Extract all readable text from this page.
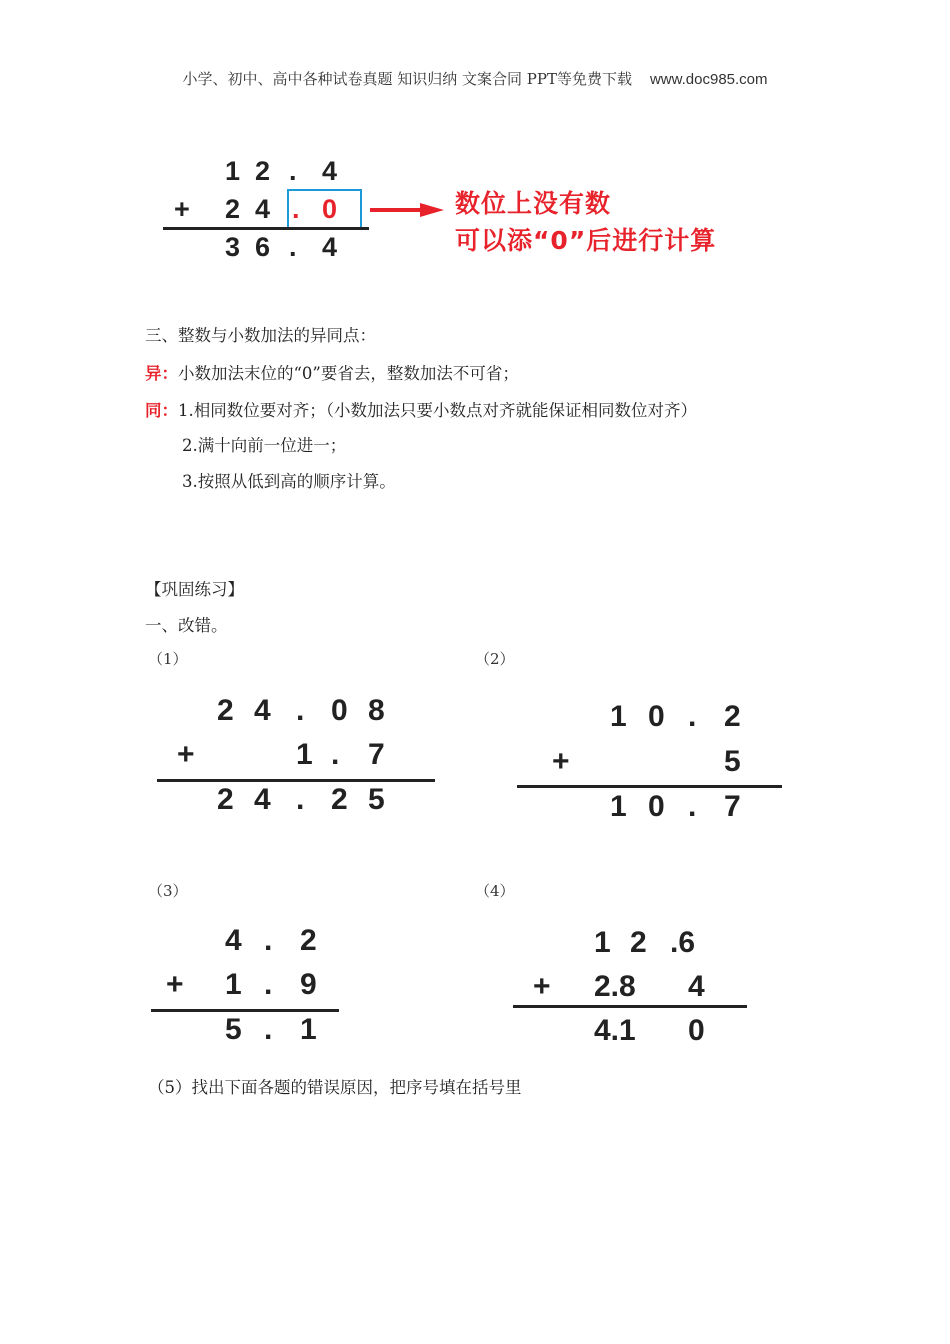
小学、初中、高中各种试卷真题 知识归纳 文案合同 PPT等免费下载 www.doc985.com
1 2 . 4
+ 2 4 . 0
3 6 . 4
数位上没有数
可以添“0”后进行计算
三、整数与小数加法的异同点：
异：小数加法末位的“0”要省去，整数加法不可省；
同：1.相同数位要对齐；（小数加法只要小数点对齐就能保证相同数位对齐）
2.满十向前一位进一；
3.按照从低到高的顺序计算。
【巩固练习】
一、改错。
（1）
2 4 . 0 8
+	1 . 7
2 4 . 2 5
（2）
1 0 . 2
+	5
1 0 . 7
（3）
4 . 2
+ 1 . 9
5 . 1
（4）
1 2 .6
+ 2.8 4
4.1 0
（5）找出下面各题的错误原因，把序号填在括号里
